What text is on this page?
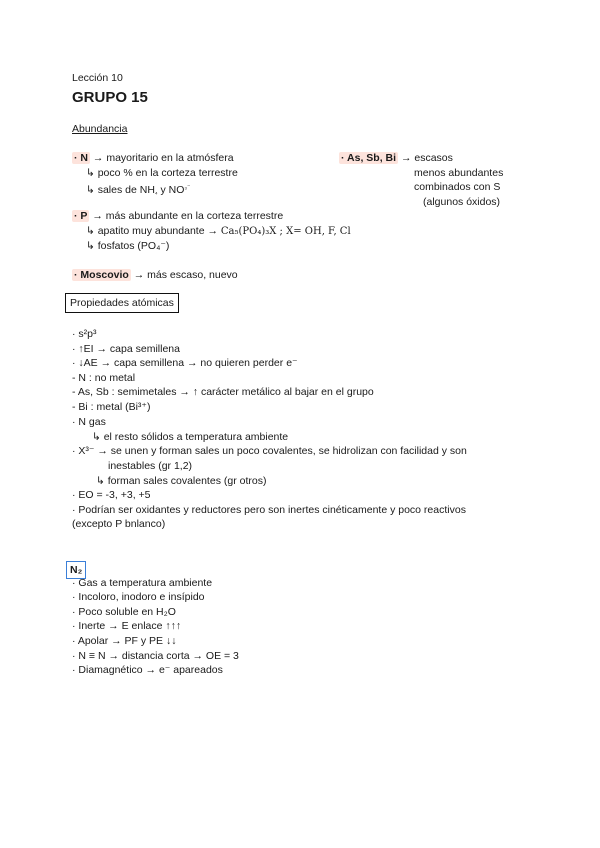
Lección 10
GRUPO 15
Abundancia
· N → mayoritario en la atmósfera
↳ poco % en la corteza terrestre
↳ sales de NH₄ y $NO^{_3^-}$
· As, Sb, Bi → escasos
menos abundantes
combinados con S
(algunos óxidos)
· P → más abundante en la corteza terrestre
↳ apatito muy abundante → Ca₅(PO₄)₃X ; X= OH, F, Cl
↳ fosfatos (PO₄⁻)
· Moscovio → más escaso, nuevo
Propiedades atómicas
· s²p³
· ↑EI → capa semillena
· ↓AE → capa semillena → no quieren perder e⁻
- N : no metal
- As, Sb : semimetales → ↑ carácter metálico al bajar en el grupo
- Bi : metal (Bi³⁺)
· N gas
↳ el resto sólidos a temperatura ambiente
· X³⁻ → se unen y forman sales un poco covalentes, se hidrolizan con facilidad y son
inestables (gr 1,2)
↳ forman sales covalentes (gr otros)
· EO = -3, +3, +5
· Podrían ser oxidantes y reductores pero son inertes cinéticamente y poco reactivos
(excepto P bnlanco)
N₂
· Gas a temperatura ambiente
· Incoloro, inodoro e insípido
· Poco soluble en H₂O
· Inerte → E enlace ↑↑↑
· Apolar → PF y PE ↓↓
· N ≡ N → distancia corta → OE = 3
· Diamagnético → e⁻ apareados
